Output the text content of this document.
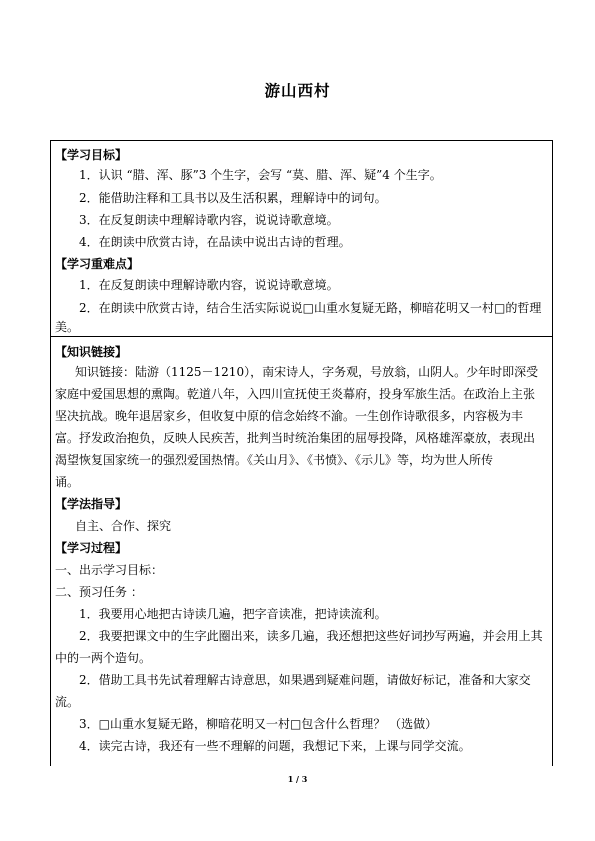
游山西村
【学习目标】
1．认识 “腊、浑、豚”3 个生字，会写 “莫、腊、浑、疑”4 个生字。
2．能借助注释和工具书以及生活积累，理解诗中的词句。
3．在反复朗读中理解诗歌内容，说说诗歌意境。
4．在朗读中欣赏古诗，在品读中说出古诗的哲理。
【学习重难点】
1．在反复朗读中理解诗歌内容，说说诗歌意境。
2．在朗读中欣赏古诗，结合生活实际说说□山重水复疑无路，柳暗花明又一村□的哲理
美。
【知识链接】
知识链接：陆游（1125－1210），南宋诗人，字务观，号放翁，山阴人。少年时即深受
家庭中爱国思想的熏陶。乾道八年，入四川宣抚使王炎幕府，投身军旅生活。在政治上主张
坚决抗战。晚年退居家乡，但收复中原的信念始终不渝。一生创作诗歌很多，内容极为丰
富。抒发政治抱负，反映人民疾苦，批判当时统治集团的屈辱投降，风格雄浑豪放，表现出
渴望恢复国家统一的强烈爱国热情。《关山月》、《书愤》、《示儿》等，均为世人所传
诵。
【学法指导】
自主、合作、探究
【学习过程】
一、出示学习目标：
二、预习任务 ：
1．我要用心地把古诗读几遍，把字音读准，把诗读流利。
2．我要把课文中的生字此圈出来，读多几遍，我还想把这些好词抄写两遍，并会用上其
中的一两个造句。
2．借助工具书先试着理解古诗意思，如果遇到疑难问题，请做好标记，准备和大家交
流。
3．□山重水复疑无路，柳暗花明又一村□包含什么哲理？ （选做）
4．读完古诗，我还有一些不理解的问题，我想记下来，上课与同学交流。
1 / 3
